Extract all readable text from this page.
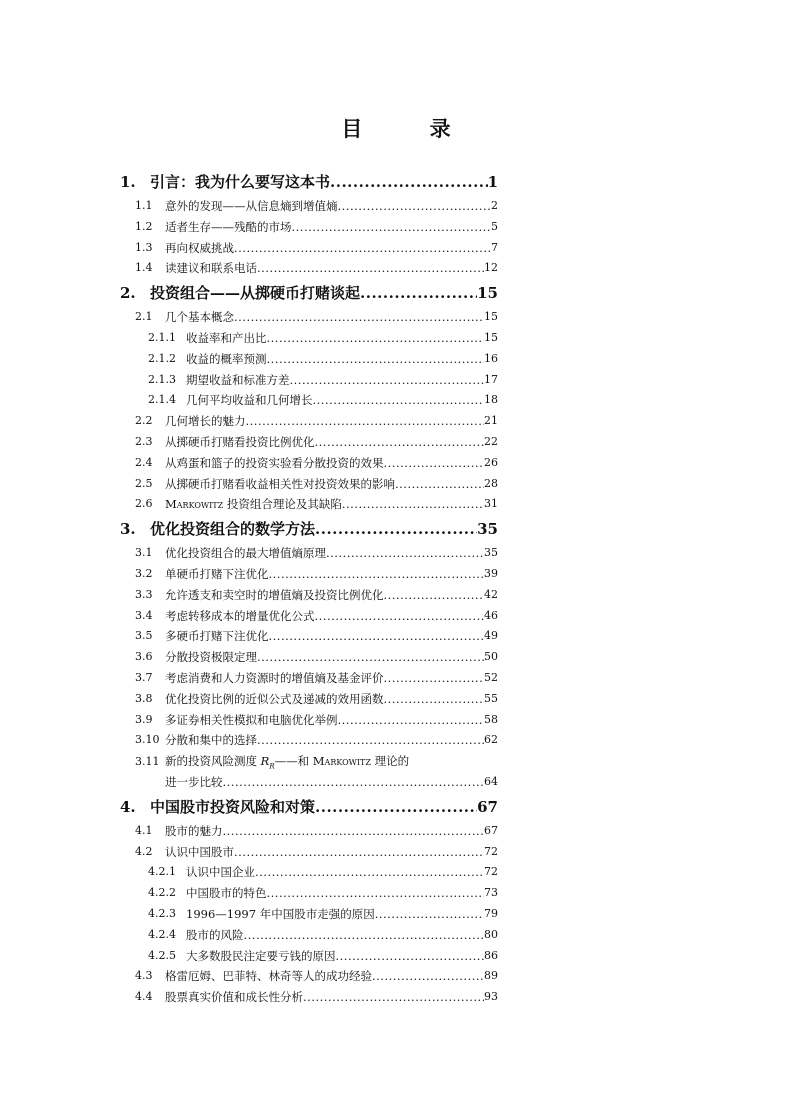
目 录
1. 引言：我为什么要写这本书 .....	1
1.1	意外的发现——从信息熵到增值熵 .....	2
1.2	适者生存——残酷的市场 .....	5
1.3	再向权威挑战 .....	7
1.4	读建议和联系电话 .....	12
2. 投资组合——从掷硬币打赌谈起 .....	15
2.1	几个基本概念 .....	15
2.1.1 收益率和产出比 .....	15
2.1.2 收益的概率预测 .....	16
2.1.3 期望收益和标准方差 .....	17
2.1.4 几何平均收益和几何增长 .....	18
2.2	几何增长的魅力 .....	21
2.3	从掷硬币打赌看投资比例优化 .....	22
2.4	从鸡蛋和篮子的投资实验看分散投资的效果 .....	26
2.5	从掷硬币打赌看收益相关性对投资效果的影响 .....	28
2.6	Markowitz 投资组合理论及其缺陷 .....	31
3. 优化投资组合的数学方法 .....	35
3.1	优化投资组合的最大增值熵原理 .....	35
3.2	单硬币打赌下注优化 .....	39
3.3	允许透支和卖空时的增值熵及投资比例优化 .....	42
3.4	考虑转移成本的增量优化公式 .....	46
3.5	多硬币打赌下注优化 .....	49
3.6	分散投资极限定理 .....	50
3.7	考虑消费和人力资源时的增值熵及基金评价 .....	52
3.8	优化投资比例的近似公式及递减的效用函数 .....	55
3.9	多证券相关性模拟和电脑优化举例 .....	58
3.10 分散和集中的选择 .....	62
3.11 新的投资风险测度 $R_R——$和 Markowitz 理论的
进一步比较 .....	64
4. 中国股市投资风险和对策 .....	67
4.1	股市的魅力 .....	67
4.2	认识中国股市 .....	72
4.2.1 认识中国企业 .....	72
4.2.2 中国股市的特色 .....	73
4.2.3 1996—1997 年中国股市走强的原因 .....	79
4.2.4 股市的风险 .....	80
4.2.5 大多数股民注定要亏钱的原因 .....	86
4.3	格雷厄姆、巴菲特、林奇等人的成功经验 .....	89
4.4	股票真实价值和成长性分析 .....	93
